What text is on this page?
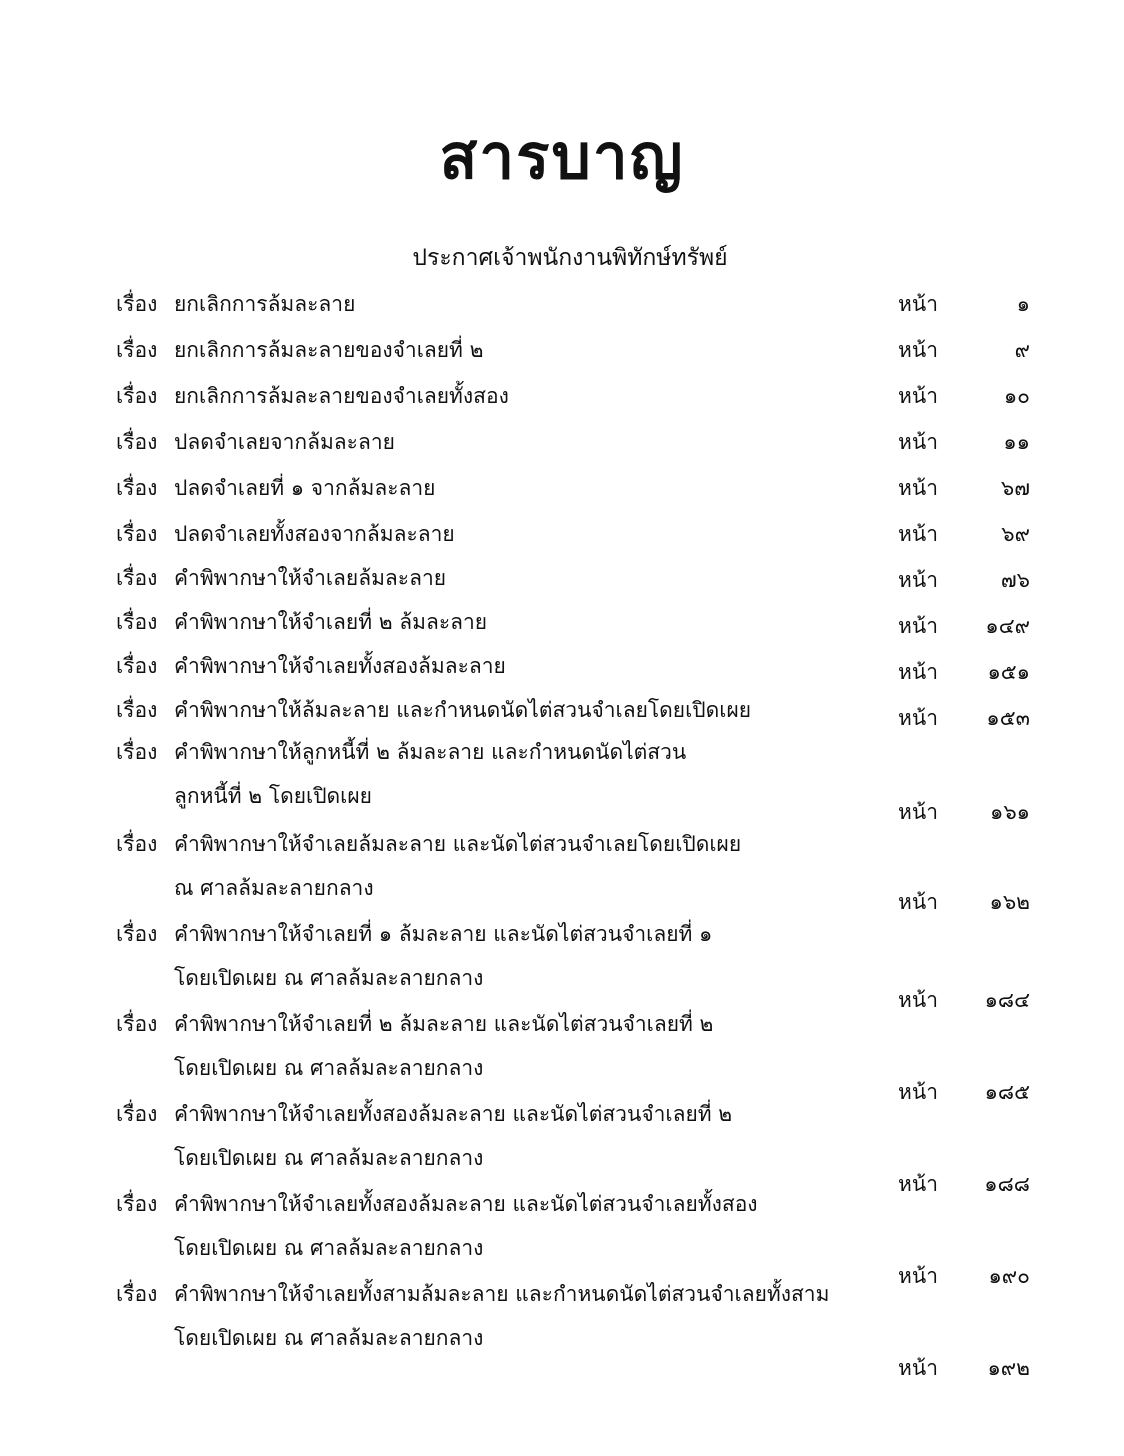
สารบาญ
ประกาศเจ้าพนักงานพิทักษ์ทรัพย์
เรื่อง ยกเลิกการล้มละลาย	หน้า	๑
เรื่อง ยกเลิกการล้มละลายของจำเลยที่ ๒	หน้า	๙
เรื่อง ยกเลิกการล้มละลายของจำเลยทั้งสอง	หน้า	๑๐
เรื่อง ปลดจำเลยจากล้มละลาย	หน้า	๑๑
เรื่อง ปลดจำเลยที่ ๑ จากล้มละลาย	หน้า	๖๗
เรื่อง ปลดจำเลยทั้งสองจากล้มละลาย	หน้า	๖๙
เรื่อง คำพิพากษาให้จำเลยล้มละลาย	หน้า	๗๖
เรื่อง คำพิพากษาให้จำเลยที่ ๒ ล้มละลาย	หน้า	๑๔๙
เรื่อง คำพิพากษาให้จำเลยทั้งสองล้มละลาย	หน้า	๑๕๑
เรื่อง คำพิพากษาให้ล้มละลาย และกำหนดนัดไต่สวนจำเลยโดยเปิดเผย	หน้า	๑๕๓
เรื่อง คำพิพากษาให้ลูกหนี้ที่ ๒ ล้มละลาย และกำหนดนัดไต่สวน
ลูกหนี้ที่ ๒ โดยเปิดเผย
หน้า	๑๖๑
เรื่อง คำพิพากษาให้จำเลยล้มละลาย และนัดไต่สวนจำเลยโดยเปิดเผย
ณ ศาลล้มละลายกลาง
หน้า	๑๖๒
เรื่อง คำพิพากษาให้จำเลยที่ ๑ ล้มละลาย และนัดไต่สวนจำเลยที่ ๑
โดยเปิดเผย ณ ศาลล้มละลายกลาง
หน้า	๑๘๔
เรื่อง คำพิพากษาให้จำเลยที่ ๒ ล้มละลาย และนัดไต่สวนจำเลยที่ ๒
โดยเปิดเผย ณ ศาลล้มละลายกลาง
หน้า	๑๘๕
เรื่อง คำพิพากษาให้จำเลยทั้งสองล้มละลาย และนัดไต่สวนจำเลยที่ ๒
โดยเปิดเผย ณ ศาลล้มละลายกลาง
หน้า	๑๘๘
เรื่อง คำพิพากษาให้จำเลยทั้งสองล้มละลาย และนัดไต่สวนจำเลยทั้งสอง
โดยเปิดเผย ณ ศาลล้มละลายกลาง
หน้า	๑๙๐
เรื่อง คำพิพากษาให้จำเลยทั้งสามล้มละลาย และกำหนดนัดไต่สวนจำเลยทั้งสาม
โดยเปิดเผย ณ ศาลล้มละลายกลาง
หน้า	๑๙๒
